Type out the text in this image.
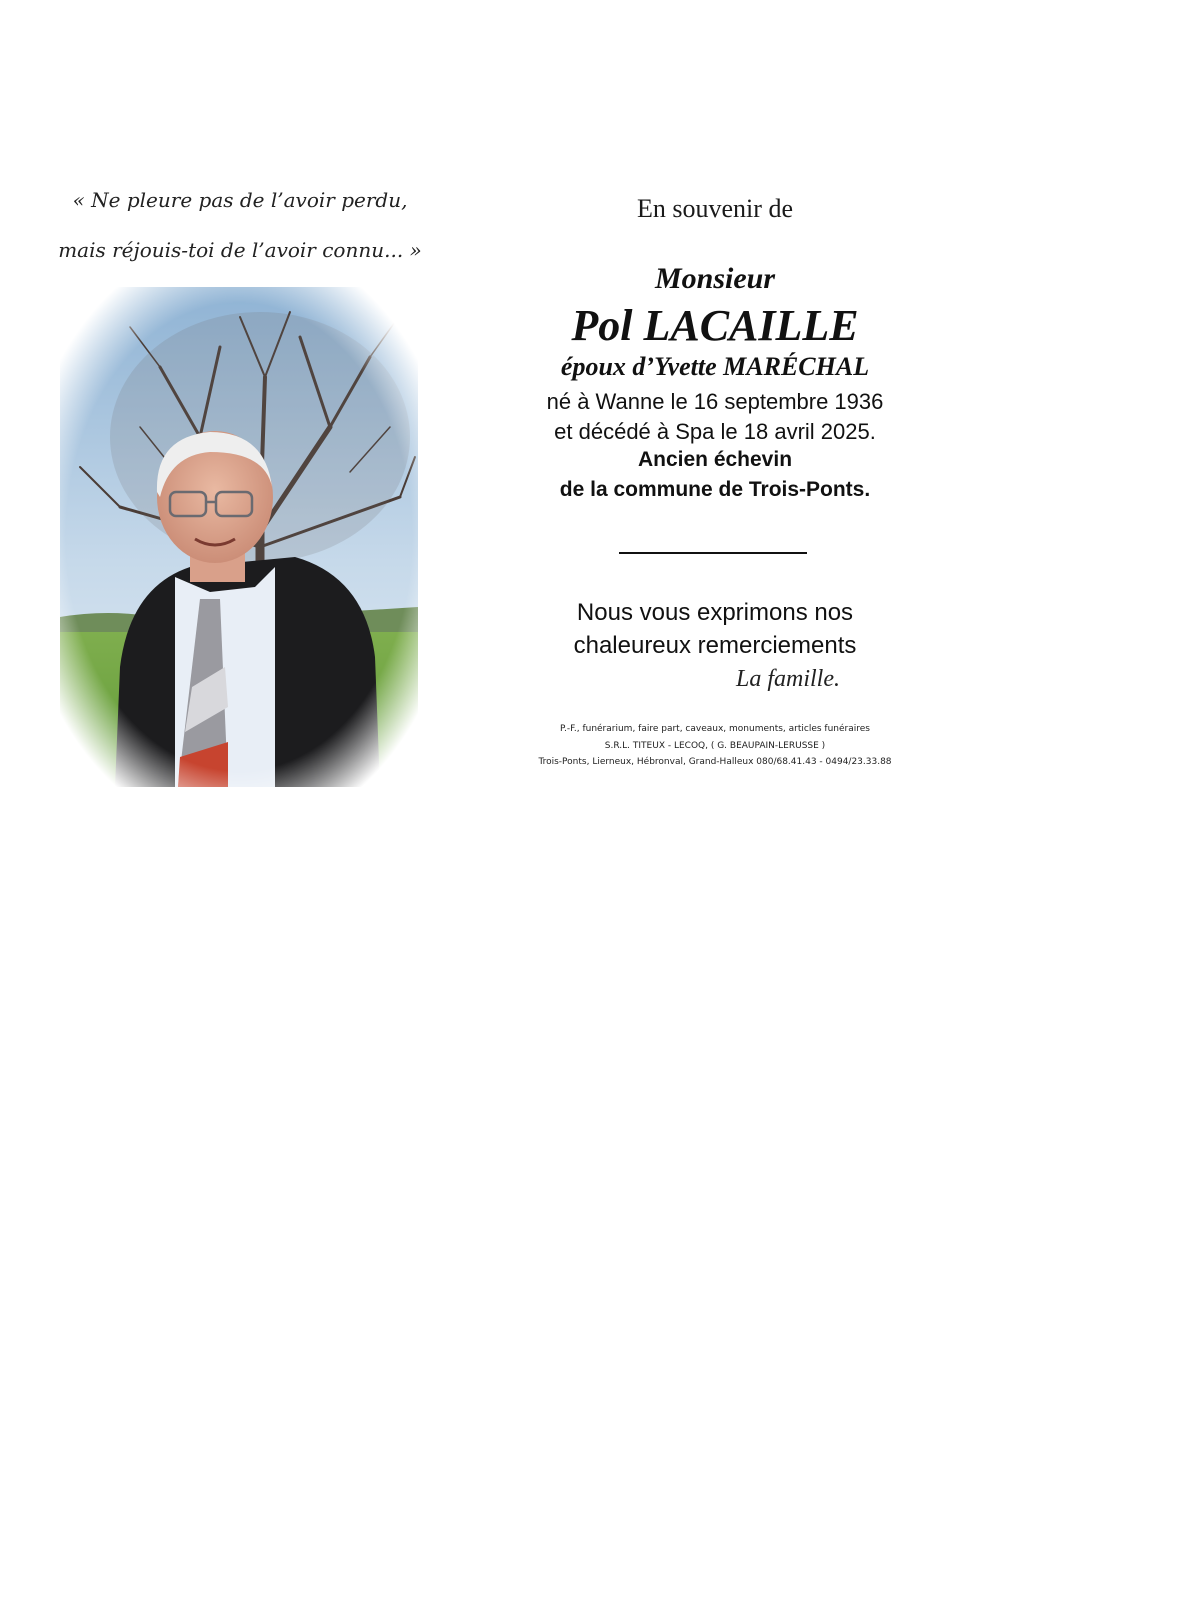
« Ne pleure pas de l’avoir perdu,
mais réjouis-toi de l’avoir connu... »
En souvenir de
Monsieur
Pol LACAILLE
époux d’Yvette MARÉCHAL
né à Wanne le 16 septembre 1936
et décédé à Spa le 18 avril 2025.
Ancien échevin
de la commune de Trois-Ponts.
Nous vous exprimons nos
chaleureux remerciements
La famille.
P.-F., funérarium, faire part, caveaux, monuments, articles funéraires
S.R.L. TITEUX - LECOQ, ( G. BEAUPAIN-LERUSSE )
Trois-Ponts, Lierneux, Hébronval, Grand-Halleux 080/68.41.43 - 0494/23.33.88
